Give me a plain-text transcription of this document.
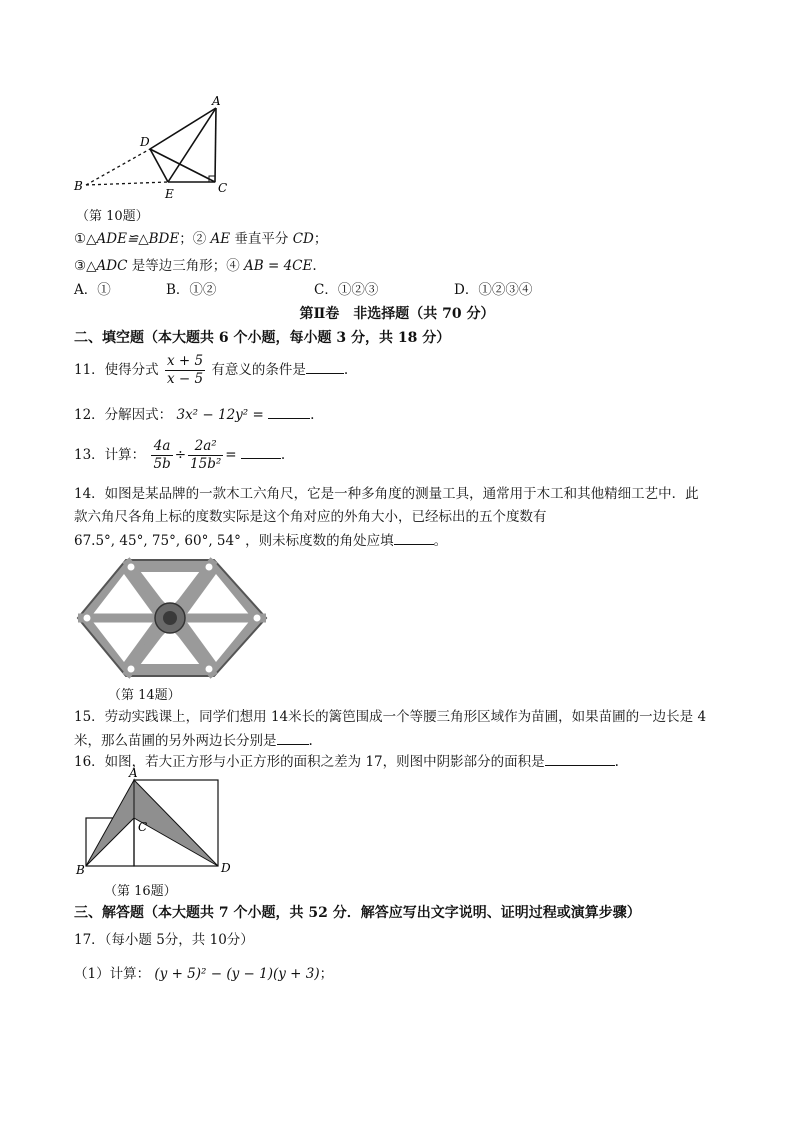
A
D
B
E	C
（第 10题）
①△ADE≌△BDE；② AE 垂直平分 CD；
③△ADC 是等边三角形；④ AB = 4CE.
A．①	B．①②	C．①②③	D．①②③④
第Ⅱ卷　非选择题（共 70 分）
二、填空题（本大题共 6 个小题，每小题 3 分，共 18 分）
11．使得分式 $\frac{x + 5}{x - 5}$ 有意义的条件是	.
12．分解因式： 3x² − 12y² =	.
13．计算： $\frac{4a}{5b} \div \frac{\text{2a²}}{\text{15b²}}$ =	.
14．如图是某品牌的一款木工六角尺，它是一种多角度的测量工具，通常用于木工和其他精细工艺中．此
款六角尺各角上标的度数实际是这个角对应的外角大小，已经标出的五个度数有
67.5°, 45°, 75°, 60°, 54° ，则未标度数的角处应填	。
（第 14题）
15．劳动实践课上，同学们想用 14米长的篱笆围成一个等腰三角形区域作为苗圃，如果苗圃的一边长是 4
米，那么苗圃的另外两边长分别是 .
16．如图，若大正方形与小正方形的面积之差为 17，则图中阴影部分的面积是	.
A
C
B	D
（第 16题）
三、解答题（本大题共 7 个小题，共 52 分．解答应写出文字说明、证明过程或演算步骤）
17．（每小题 5分，共 10分）
（1）计算： (y + 5)² − (y − 1)(y + 3)；
